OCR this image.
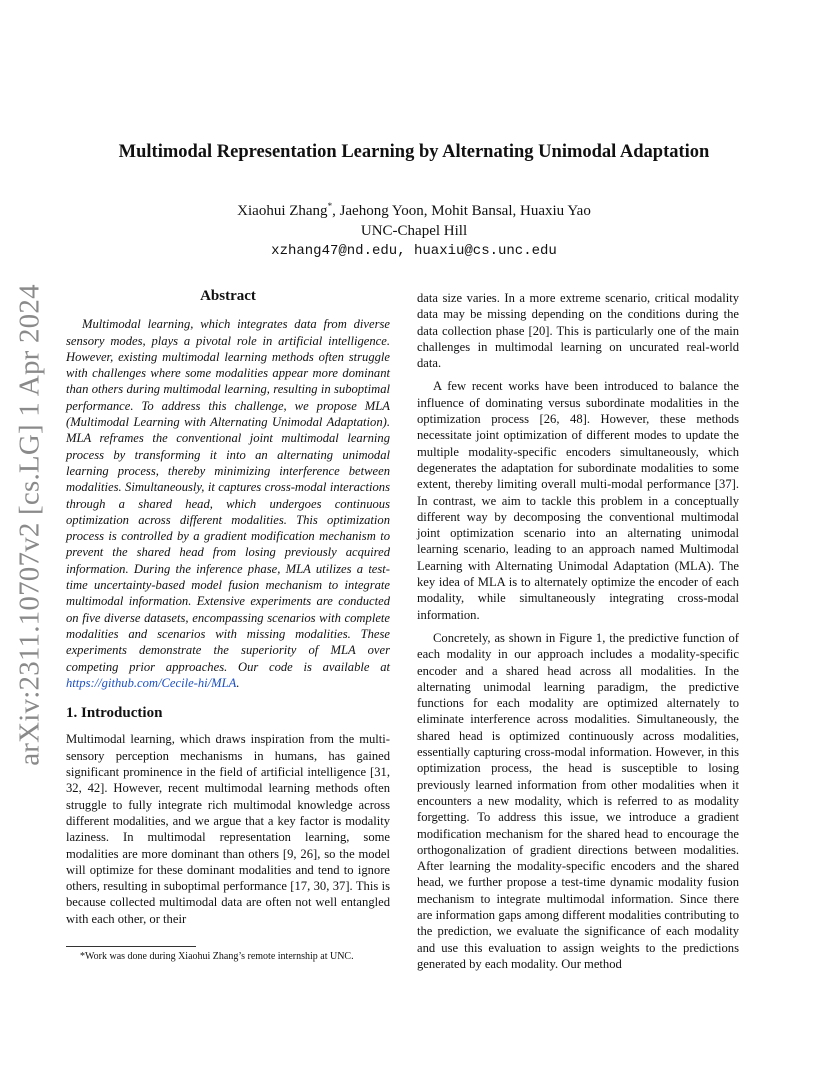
arXiv:2311.10707v2 [cs.LG] 1 Apr 2024
Multimodal Representation Learning by Alternating Unimodal Adaptation
Xiaohui Zhang*, Jaehong Yoon, Mohit Bansal, Huaxiu Yao
UNC-Chapel Hill
xzhang47@nd.edu, huaxiu@cs.unc.edu
Abstract

Multimodal learning, which integrates data from diverse sensory modes, plays a pivotal role in artificial intelligence. However, existing multimodal learning methods often struggle with challenges where some modalities appear more dominant than others during multimodal learning, resulting in suboptimal performance. To address this challenge, we propose MLA (Multimodal Learning with Alternating Unimodal Adaptation). MLA reframes the conventional joint multimodal learning process by transforming it into an alternating unimodal learning process, thereby minimizing interference between modalities. Simultaneously, it captures cross-modal interactions through a shared head, which undergoes continuous optimization across different modalities. This optimization process is controlled by a gradient modification mechanism to prevent the shared head from losing previously acquired information. During the inference phase, MLA utilizes a test-time uncertainty-based model fusion mechanism to integrate multimodal information. Extensive experiments are conducted on five diverse datasets, encompassing scenarios with complete modalities and scenarios with missing modalities. These experiments demonstrate the superiority of MLA over competing prior approaches. Our code is available at https://github.com/Cecile-hi/MLA.

1. Introduction

Multimodal learning, which draws inspiration from the multi-sensory perception mechanisms in humans, has gained significant prominence in the field of artificial intelligence [31, 32, 42]. However, recent multimodal learning methods often struggle to fully integrate rich multimodal knowledge across different modalities, and we argue that a key factor is modality laziness. In multimodal representation learning, some modalities are more dominant than others [9, 26], so the model will optimize for these dominant modalities and tend to ignore others, resulting in suboptimal performance [17, 30, 37]. This is because collected multimodal data are often not well entangled with each other, or their

data size varies. In a more extreme scenario, critical modality data may be missing depending on the conditions during the data collection phase [20]. This is particularly one of the main challenges in multimodal learning on uncurated real-world data.

A few recent works have been introduced to balance the influence of dominating versus subordinate modalities in the optimization process [26, 48]. However, these methods necessitate joint optimization of different modes to update the multiple modality-specific encoders simultaneously, which degenerates the adaptation for subordinate modalities to some extent, thereby limiting overall multi-modal performance [37]. In contrast, we aim to tackle this problem in a conceptually different way by decomposing the conventional multimodal joint optimization scenario into an alternating unimodal learning scenario, leading to an approach named Multimodal Learning with Alternating Unimodal Adaptation (MLA). The key idea of MLA is to alternately optimize the encoder of each modality, while simultaneously integrating cross-modal information.

Concretely, as shown in Figure 1, the predictive function of each modality in our approach includes a modality-specific encoder and a shared head across all modalities. In the alternating unimodal learning paradigm, the predictive functions for each modality are optimized alternately to eliminate interference across modalities. Simultaneously, the shared head is optimized continuously across modalities, essentially capturing cross-modal information. However, in this optimization process, the head is susceptible to losing previously learned information from other modalities when it encounters a new modality, which is referred to as modality forgetting. To address this issue, we introduce a gradient modification mechanism for the shared head to encourage the orthogonalization of gradient directions between modalities. After learning the modality-specific encoders and the shared head, we further propose a test-time dynamic modality fusion mechanism to integrate multimodal information. Since there are information gaps among different modalities contributing to the prediction, we evaluate the significance of each modality and use this evaluation to assign weights to the predictions generated by each modality. Our method

*Work was done during Xiaohui Zhang’s remote internship at UNC.
